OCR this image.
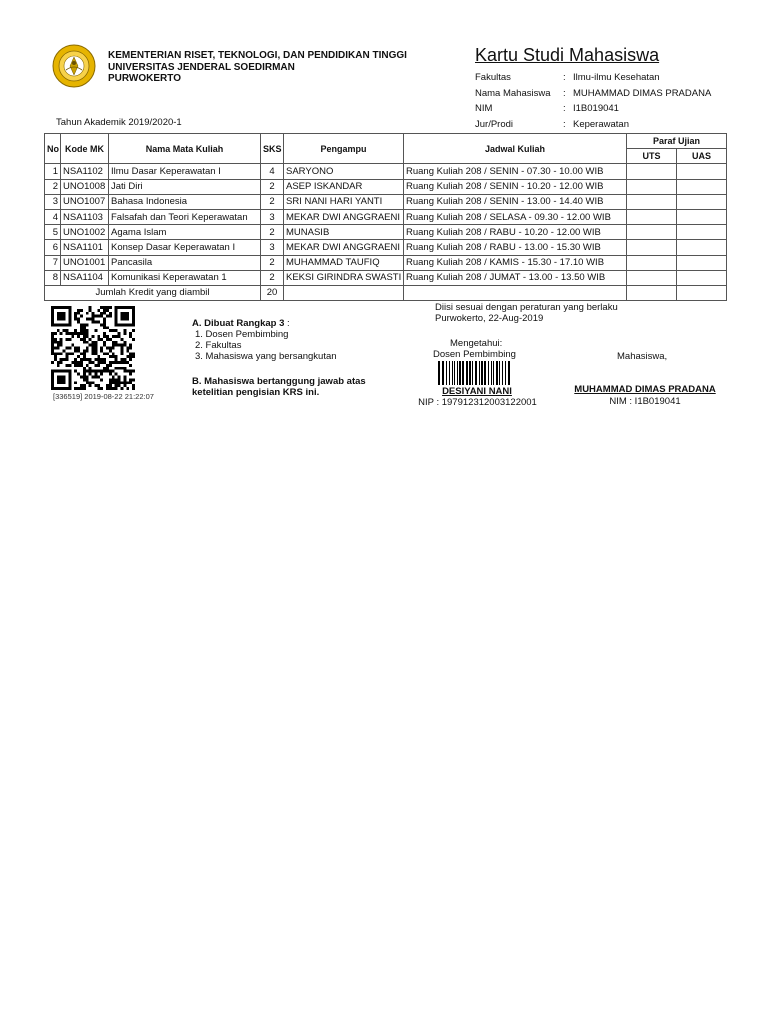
KEMENTERIAN RISET, TEKNOLOGI, DAN PENDIDIKAN TINGGI
UNIVERSITAS JENDERAL SOEDIRMAN
PURWOKERTO
Kartu Studi Mahasiswa
Fakultas	: Ilmu-ilmu Kesehatan
Nama Mahasiswa	: MUHAMMAD DIMAS PRADANA
NIM	: I1B019041
Jur/Prodi	: Keperawatan
Tahun Akademik 2019/2020-1
No	Kode MK	Nama Mata Kuliah	SKS	Pengampu	Jadwal Kuliah	Paraf Ujian	
						UTS	UAS
1	NSA1102	Ilmu Dasar Keperawatan I	4	SARYONO	Ruang Kuliah 208 / SENIN - 07.30 - 10.00 WIB		
2	UNO1008	Jati Diri	2	ASEP ISKANDAR	Ruang Kuliah 208 / SENIN - 10.20 - 12.00 WIB		
3	UNO1007	Bahasa Indonesia	2	SRI NANI HARI YANTI	Ruang Kuliah 208 / SENIN - 13.00 - 14.40 WIB		
4	NSA1103	Falsafah dan Teori Keperawatan	3	MEKAR DWI ANGGRAENI	Ruang Kuliah 208 / SELASA - 09.30 - 12.00 WIB		
5	UNO1002	Agama Islam	2	MUNASIB	Ruang Kuliah 208 / RABU - 10.20 - 12.00 WIB		
6	NSA1101	Konsep Dasar Keperawatan I	3	MEKAR DWI ANGGRAENI	Ruang Kuliah 208 / RABU - 13.00 - 15.30 WIB		
7	UNO1001	Pancasila	2	MUHAMMAD TAUFIQ	Ruang Kuliah 208 / KAMIS - 15.30 - 17.10 WIB		
8	NSA1104	Komunikasi Keperawatan 1	2	KEKSI GIRINDRA SWASTI	Ruang Kuliah 208 / JUMAT - 13.00 - 13.50 WIB		
Jumlah Kredit yang diambil			20				
[336519] 2019-08-22 21:22:07
A. Dibuat Rangkap 3 :
1. Dosen Pembimbing
2. Fakultas
3. Mahasiswa yang bersangkutan
B. Mahasiswa bertanggung jawab atas
ketelitian pengisian KRS ini.
Diisi sesuai dengan peraturan yang berlaku
Purwokerto, 22-Aug-2019
Mengetahui:
Dosen Pembimbing
DESIYANI NANI
NIP : 197912312003122001
Mahasiswa,
MUHAMMAD DIMAS PRADANA
NIM : I1B019041
